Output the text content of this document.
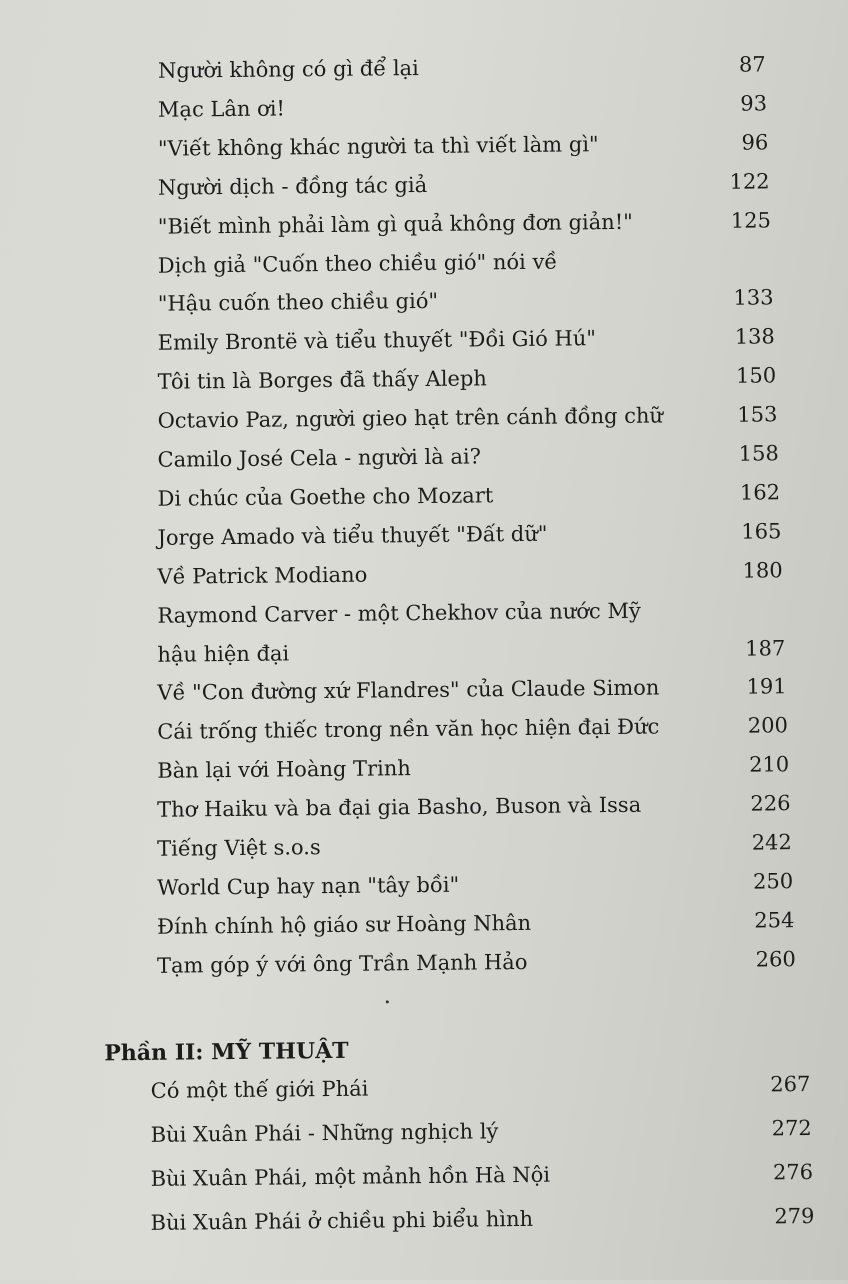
Người không có gì để lại	87
Mạc Lân ơi!	93
"Viết không khác người ta thì viết làm gì"	96
Người dịch - đồng tác giả	122
"Biết mình phải làm gì quả không đơn giản!"	125
Dịch giả "Cuốn theo chiều gió" nói về
"Hậu cuốn theo chiều gió"	133
Emily Brontë và tiểu thuyết "Đồi Gió Hú"	138
Tôi tin là Borges đã thấy Aleph	150
Octavio Paz, người gieo hạt trên cánh đồng chữ	153
Camilo José Cela - người là ai?	158
Di chúc của Goethe cho Mozart	162
Jorge Amado và tiểu thuyết "Đất dữ"	165
Về Patrick Modiano	180
Raymond Carver - một Chekhov của nước Mỹ
hậu hiện đại	187
Về "Con đường xứ Flandres" của Claude Simon	191
Cái trống thiếc trong nền văn học hiện đại Đức	200
Bàn lại với Hoàng Trinh	210
Thơ Haiku và ba đại gia Basho, Buson và Issa	226
Tiếng Việt s.o.s	242
World Cup hay nạn "tây bồi"	250
Đính chính hộ giáo sư Hoàng Nhân	254
Tạm góp ý với ông Trần Mạnh Hảo	260
Phần II: MỸ THUẬT
Có một thế giới Phái	267
Bùi Xuân Phái - Những nghịch lý	272
Bùi Xuân Phái, một mảnh hồn Hà Nội	276
Bùi Xuân Phái ở chiều phi biểu hình	279
